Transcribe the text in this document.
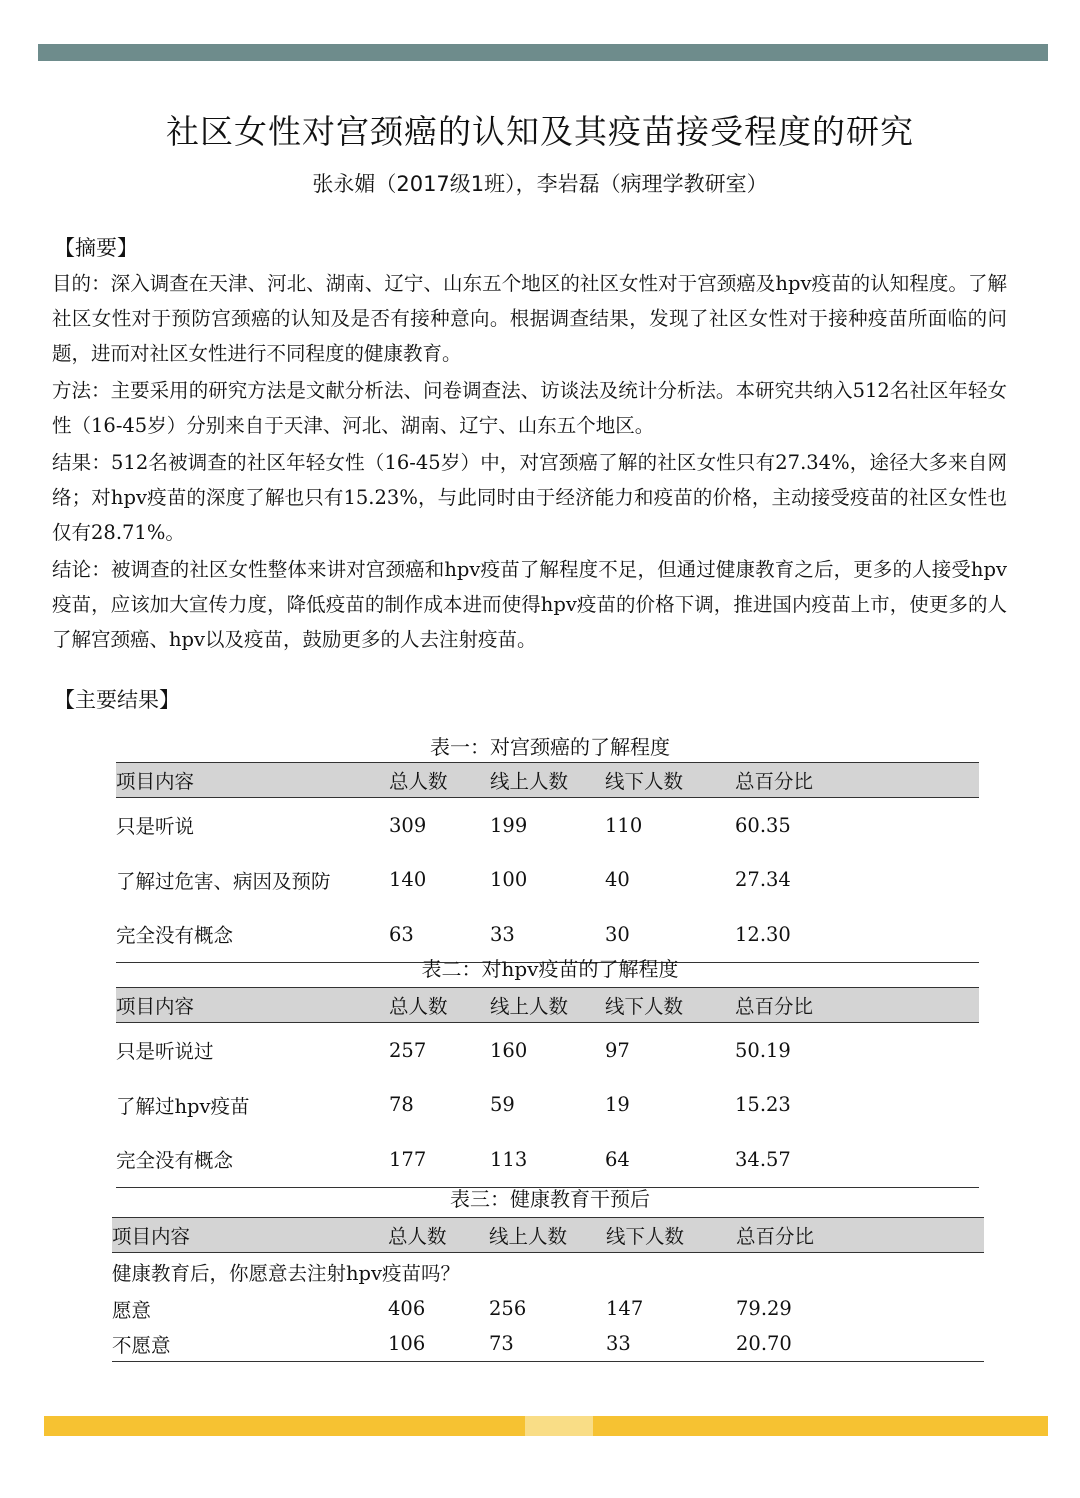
社区女性对宫颈癌的认知及其疫苗接受程度的研究
张永媚（2017级1班），李岩磊（病理学教研室）
【摘要】

目的：深入调查在天津、河北、湖南、辽宁、山东五个地区的社区女性对于宫颈癌及hpv疫苗的认知程度。了解社区女性对于预防宫颈癌的认知及是否有接种意向。根据调查结果，发现了社区女性对于接种疫苗所面临的问题，进而对社区女性进行不同程度的健康教育。

方法：主要采用的研究方法是文献分析法、问卷调查法、访谈法及统计分析法。本研究共纳入512名社区年轻女性（16-45岁）分别来自于天津、河北、湖南、辽宁、山东五个地区。

结果：512名被调查的社区年轻女性（16-45岁）中，对宫颈癌了解的社区女性只有27.34%，途径大多来自网络；对hpv疫苗的深度了解也只有15.23%，与此同时由于经济能力和疫苗的价格，主动接受疫苗的社区女性也仅有28.71%。

结论：被调查的社区女性整体来讲对宫颈癌和hpv疫苗了解程度不足，但通过健康教育之后，更多的人接受hpv疫苗，应该加大宣传力度，降低疫苗的制作成本进而使得hpv疫苗的价格下调，推进国内疫苗上市，使更多的人了解宫颈癌、hpv以及疫苗，鼓励更多的人去注射疫苗。

【主要结果】
表一：对宫颈癌的了解程度
项目内容	总人数	线上人数	线下人数	总百分比
只是听说	309	199	110	60.35
了解过危害、病因及预防	140	100	40	27.34
完全没有概念	63	33	30	12.30
表二：对hpv疫苗的了解程度
项目内容	总人数	线上人数	线下人数	总百分比
只是听说过	257	160	97	50.19
了解过hpv疫苗	78	59	19	15.23
完全没有概念	177	113	64	34.57
表三：健康教育干预后
项目内容	总人数	线上人数	线下人数	总百分比
健康教育后，你愿意去注射hpv疫苗吗？				
愿意	406	256	147	79.29
不愿意	106	73	33	20.70
